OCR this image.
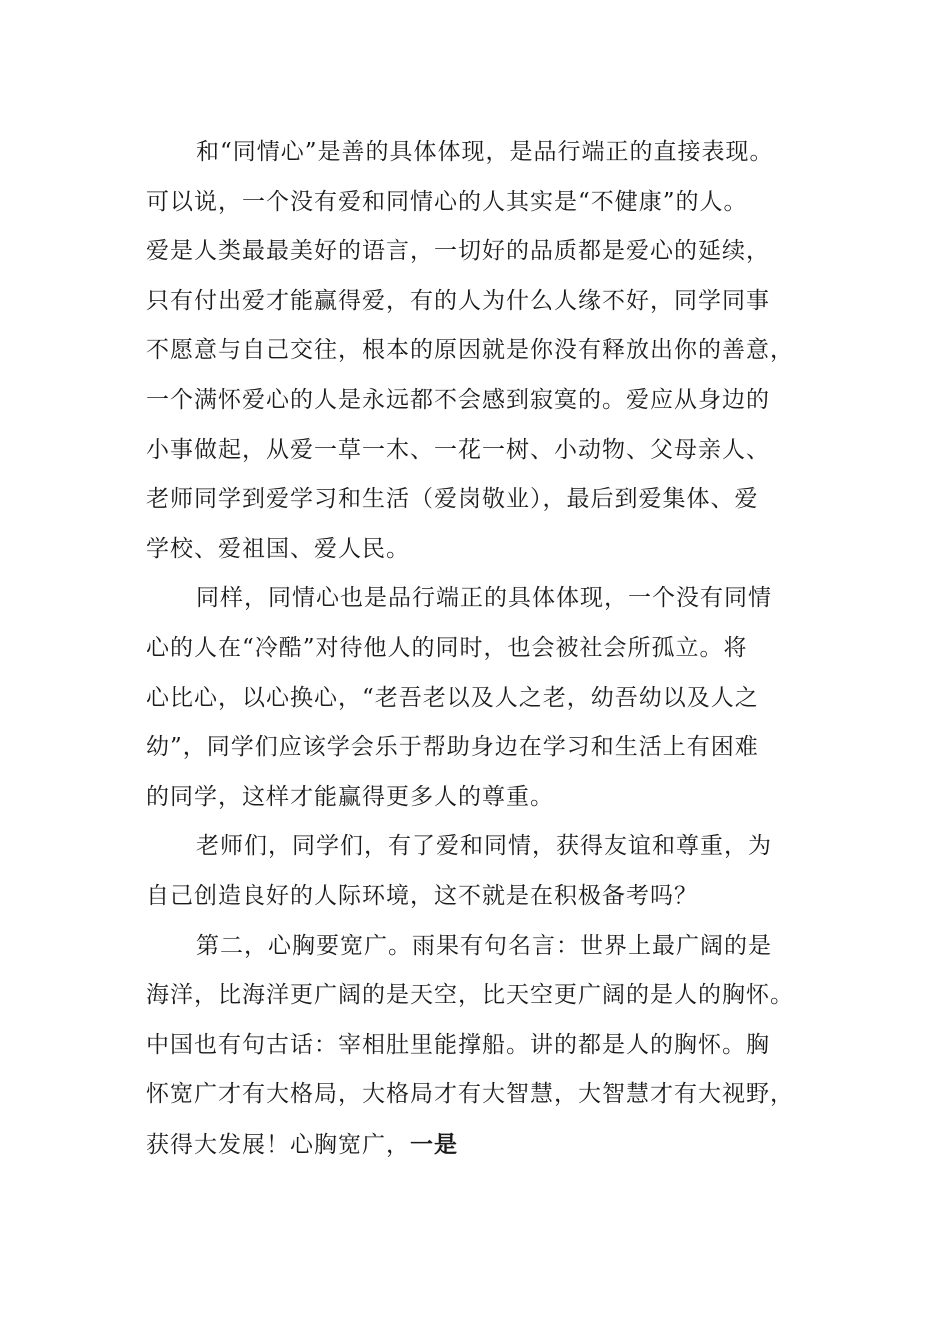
和“同情心”是善的具体体现，是品行端正的直接表现。
可以说，一个没有爱和同情心的人其实是“不健康”的人。
爱是人类最最美好的语言，一切好的品质都是爱心的延续，
只有付出爱才能赢得爱，有的人为什么人缘不好，同学同事
不愿意与自己交往，根本的原因就是你没有释放出你的善意，
一个满怀爱心的人是永远都不会感到寂寞的。爱应从身边的
小事做起，从爱一草一木、一花一树、小动物、父母亲人、
老师同学到爱学习和生活（爱岗敬业），最后到爱集体、爱
学校、爱祖国、爱人民。
同样，同情心也是品行端正的具体体现，一个没有同情
心的人在“冷酷”对待他人的同时，也会被社会所孤立。将
心比心，以心换心，“老吾老以及人之老，幼吾幼以及人之
幼”，同学们应该学会乐于帮助身边在学习和生活上有困难
的同学，这样才能赢得更多人的尊重。
老师们，同学们，有了爱和同情，获得友谊和尊重，为
自己创造良好的人际环境，这不就是在积极备考吗？
第二，心胸要宽广。雨果有句名言：世界上最广阔的是
海洋，比海洋更广阔的是天空，比天空更广阔的是人的胸怀。
中国也有句古话：宰相肚里能撑船。讲的都是人的胸怀。胸
怀宽广才有大格局，大格局才有大智慧，大智慧才有大视野，
获得大发展！心胸宽广，一是
